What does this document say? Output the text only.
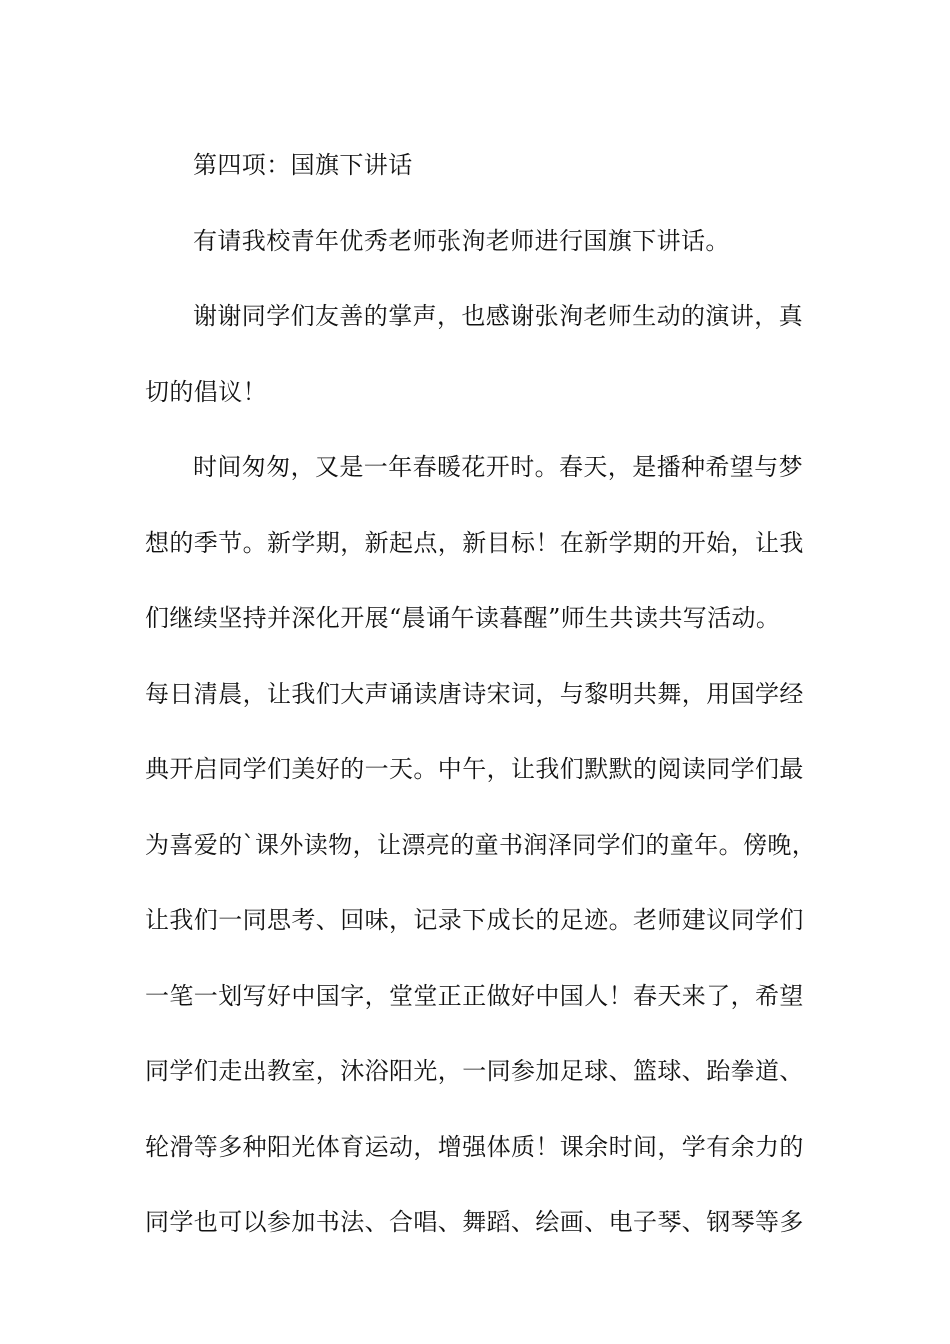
第四项：国旗下讲话
有请我校青年优秀老师张洵老师进行国旗下讲话。
谢谢同学们友善的掌声，也感谢张洵老师生动的演讲，真
切的倡议！
时间匆匆，又是一年春暖花开时。春天，是播种希望与梦
想的季节。新学期，新起点，新目标！在新学期的开始，让我
们继续坚持并深化开展“晨诵午读暮醒”师生共读共写活动。
每日清晨，让我们大声诵读唐诗宋词，与黎明共舞，用国学经
典开启同学们美好的一天。中午，让我们默默的阅读同学们最
为喜爱的`课外读物，让漂亮的童书润泽同学们的童年。傍晚，
让我们一同思考、回味，记录下成长的足迹。老师建议同学们
一笔一划写好中国字，堂堂正正做好中国人！春天来了，希望
同学们走出教室，沐浴阳光，一同参加足球、篮球、跆拳道、
轮滑等多种阳光体育运动，增强体质！课余时间，学有余力的
同学也可以参加书法、合唱、舞蹈、绘画、电子琴、钢琴等多
